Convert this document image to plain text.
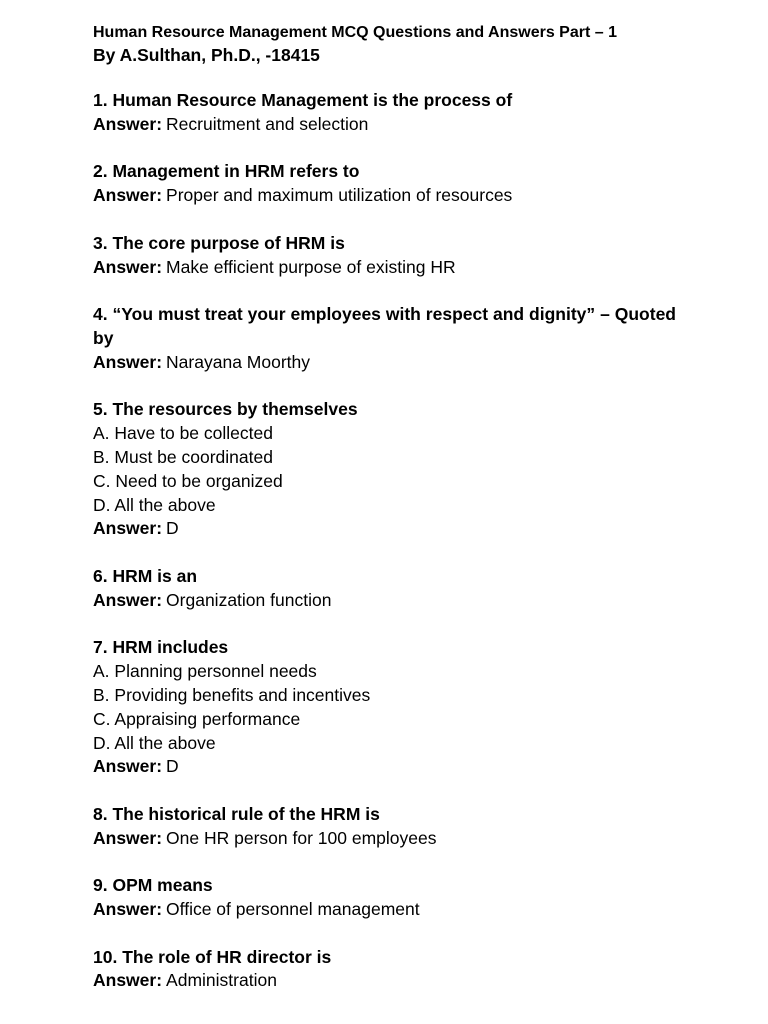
Human Resource Management MCQ Questions and Answers Part – 1
By A.Sulthan, Ph.D., -18415
1. Human Resource Management is the process of
Answer: Recruitment and selection
2. Management in HRM refers to
Answer: Proper and maximum utilization of resources
3. The core purpose of HRM is
Answer: Make efficient purpose of existing HR
4. “You must treat your employees with respect and dignity” – Quoted by
Answer: Narayana Moorthy
5. The resources by themselves
A. Have to be collected
B. Must be coordinated
C. Need to be organized
D. All the above
Answer: D
6. HRM is an
Answer: Organization function
7. HRM includes
A. Planning personnel needs
B. Providing benefits and incentives
C. Appraising performance
D. All the above
Answer: D
8. The historical rule of the HRM is
Answer: One HR person for 100 employees
9. OPM means
Answer: Office of personnel management
10. The role of HR director is
Answer: Administration
